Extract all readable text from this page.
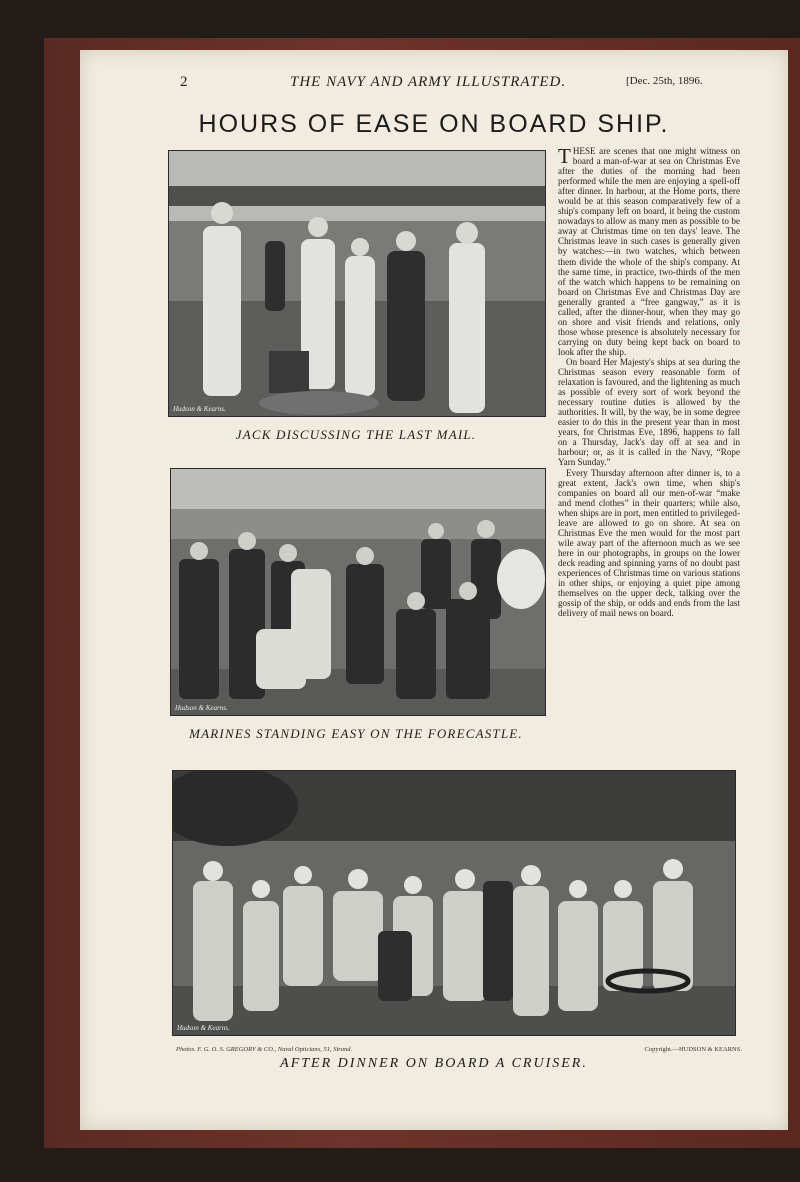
2	THE NAVY AND ARMY ILLUSTRATED.	[Dec. 25th, 1896.
HOURS OF EASE ON BOARD SHIP.
Hudson & Kearns.
JACK DISCUSSING THE LAST MAIL.
Hudson & Kearns.
MARINES STANDING EASY ON THE FORECASTLE.

THESE are scenes that one might witness on board a man-of-war at sea on Christmas Eve after the duties of the morning had been performed while the men are enjoying a spell-off after dinner. In harbour, at the Home ports, there would be at this season comparatively few of a ship's company left on board, it being the custom nowadays to allow as many men as possible to be away at Christmas time on ten days' leave. The Christmas leave in such cases is generally given by watches:—in two watches, which between them divide the whole of the ship's company. At the same time, in practice, two-thirds of the men of the watch which happens to be remaining on board on Christmas Eve and Christmas Day are generally granted a “free gangway,” as it is called, after the dinner-hour, when they may go on shore and visit friends and relations, only those whose presence is absolutely necessary for carrying on duty being kept back on board to look after the ship.

On board Her Majesty's ships at sea during the Christmas season every reasonable form of relaxation is favoured, and the lightening as much as possible of every sort of work beyond the necessary routine duties is allowed by the authorities. It will, by the way, be in some degree easier to do this in the present year than in most years, for Christmas Eve, 1896, happens to fall on a Thursday, Jack's day off at sea and in harbour; or, as it is called in the Navy, “Rope Yarn Sunday.”

Every Thursday afternoon after dinner is, to a great extent, Jack's own time, when ship's companies on board all our men-of-war “make and mend clothes” in their quarters; while also, when ships are in port, men entitled to privileged-leave are allowed to go on shore. At sea on Christmas Eve the men would for the most part wile away part of the afternoon much as we see here in our photographs, in groups on the lower deck reading and spinning yarns of no doubt past experiences of Christmas time on various stations in other ships, or enjoying a quiet pipe among themselves on the upper deck, talking over the gossip of the ship, or odds and ends from the last delivery of mail news on board.

Hudson & Kearns.
Photos. F. G. O. S. GREGORY & CO., Naval Opticians, 51, Strand.	Copyright.—HUDSON & KEARNS.
AFTER DINNER ON BOARD A CRUISER.
